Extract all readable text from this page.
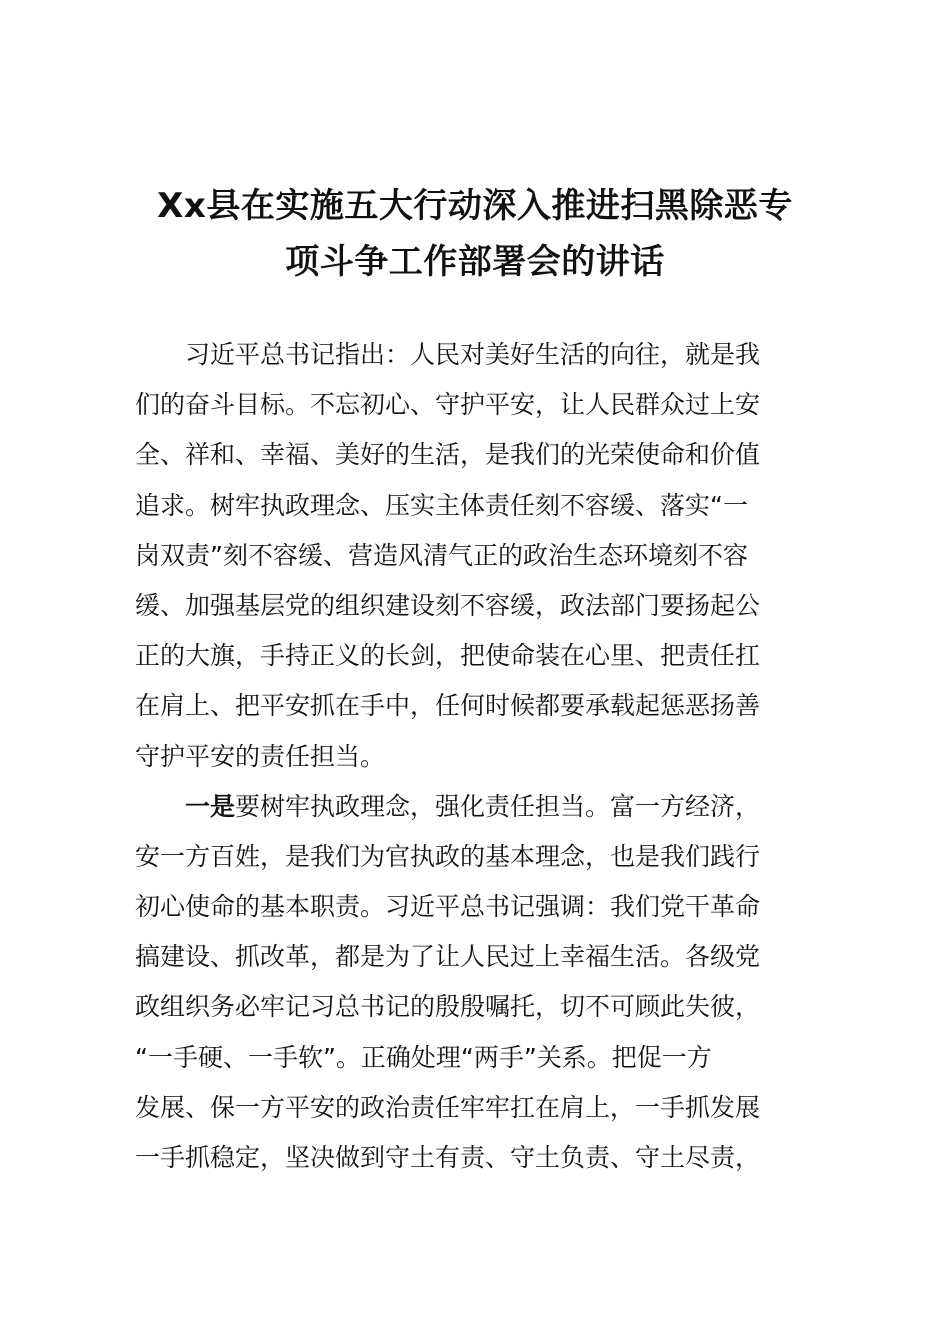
Xx县在实施五大行动深入推进扫黑除恶专
项斗争工作部署会的讲话
习近平总书记指出：人民对美好生活的向往，就是我
们的奋斗目标。不忘初心、守护平安，让人民群众过上安
全、祥和、幸福、美好的生活，是我们的光荣使命和价值
追求。树牢执政理念、压实主体责任刻不容缓、落实“一
岗双责”刻不容缓、营造风清气正的政治生态环境刻不容
缓、加强基层党的组织建设刻不容缓，政法部门要扬起公
正的大旗，手持正义的长剑，把使命装在心里、把责任扛
在肩上、把平安抓在手中，任何时候都要承载起惩恶扬善
守护平安的责任担当。
一是要树牢执政理念，强化责任担当。富一方经济，
安一方百姓，是我们为官执政的基本理念，也是我们践行
初心使命的基本职责。习近平总书记强调：我们党干革命
搞建设、抓改革，都是为了让人民过上幸福生活。各级党
政组织务必牢记习总书记的殷殷嘱托，切不可顾此失彼，
“一手硬、一手软”。正确处理“两手”关系。把促一方
发展、保一方平安的政治责任牢牢扛在肩上，一手抓发展
一手抓稳定，坚决做到守土有责、守土负责、守土尽责，
